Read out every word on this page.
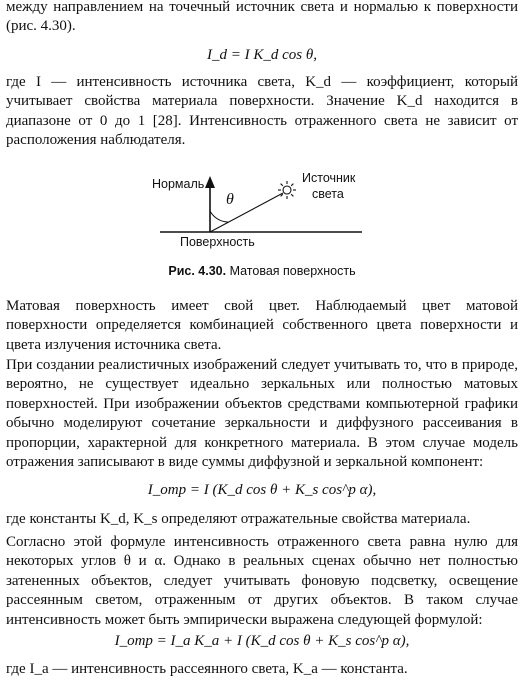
между направлением на точечный источник света и нормалью к поверхности (рис. 4.30).

I_d = I K_d cos θ,

где I — интенсивность источника света, K_d — коэффициент, который учитывает свойства материала поверхности. Значение K_d находится в диапазоне от 0 до 1 [28]. Интенсивность отраженного света не зависит от расположения наблюдателя.

Нормаль
θ
Источник
света
Поверхность
Рис. 4.30. Матовая поверхность

Матовая поверхность имеет свой цвет. Наблюдаемый цвет матовой поверхности определяется комбинацией собственного цвета поверхности и цвета излучения источника света.

При создании реалистичных изображений следует учитывать то, что в природе, вероятно, не существует идеально зеркальных или полностью матовых поверхностей. При изображении объектов средствами компьютерной графики обычно моделируют сочетание зеркальности и диффузного рассеивания в пропорции, характерной для конкретного материала. В этом случае модель отражения записывают в виде суммы диффузной и зеркальной компонент:

I_отр = I (K_d cos θ + K_s cos^p α),

где константы K_d, K_s определяют отражательные свойства материала.

Согласно этой формуле интенсивность отраженного света равна нулю для некоторых углов θ и α. Однако в реальных сценах обычно нет полностью затененных объектов, следует учитывать фоновую подсветку, освещение рассеянным светом, отраженным от других объектов. В таком случае интенсивность может быть эмпирически выражена следующей формулой:

I_отр = I_a K_a + I (K_d cos θ + K_s cos^p α),

где I_a — интенсивность рассеянного света, K_a — константа.
